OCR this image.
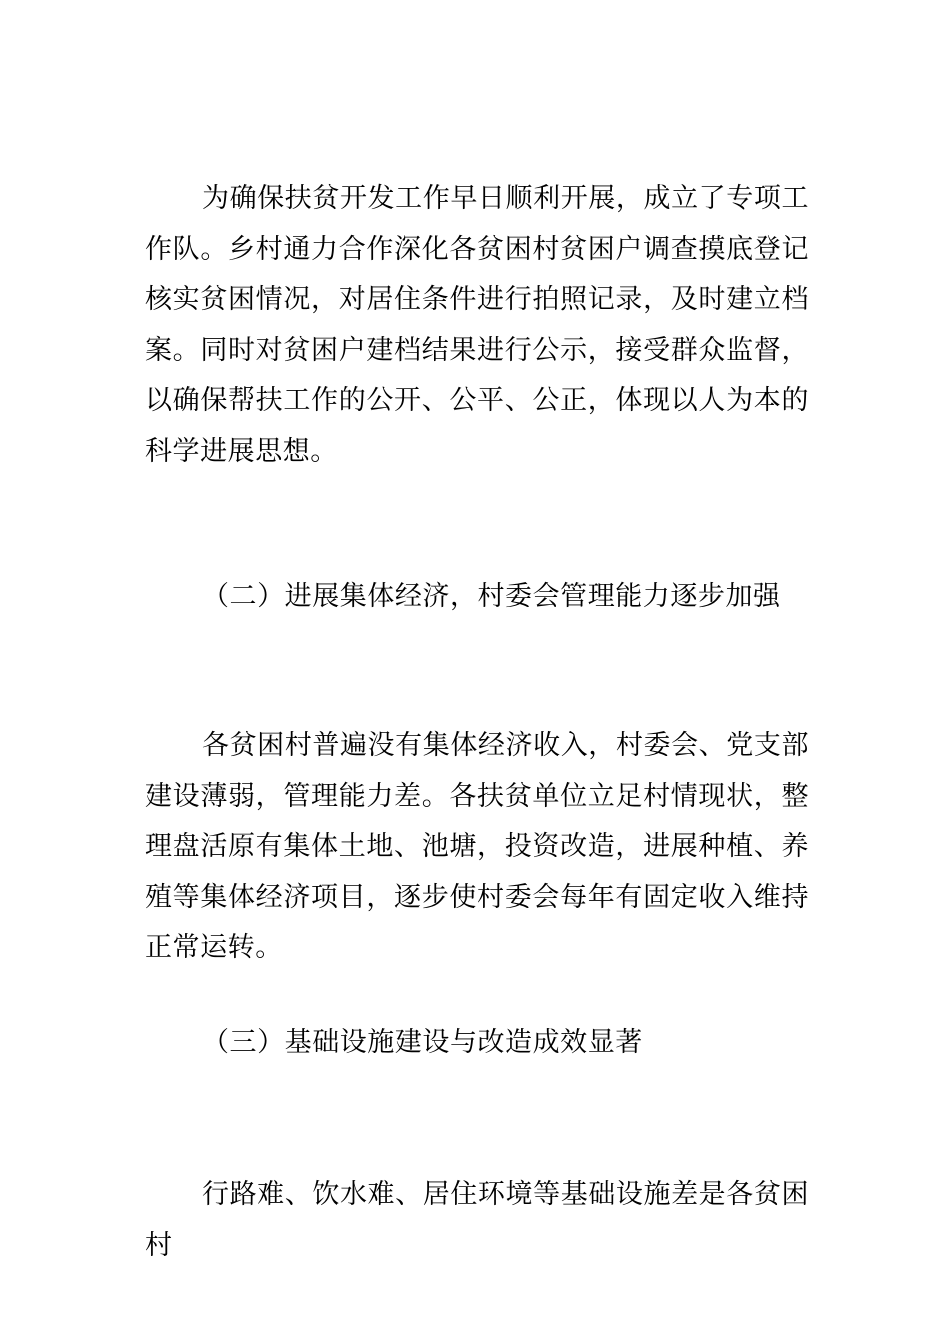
为确保扶贫开发工作早日顺利开展，成立了专项工作队。乡村通力合作深化各贫困村贫困户调查摸底登记核实贫困情况，对居住条件进行拍照记录，及时建立档案。同时对贫困户建档结果进行公示，接受群众监督，以确保帮扶工作的公开、公平、公正，体现以人为本的科学进展思想。

（二）进展集体经济，村委会管理能力逐步加强

各贫困村普遍没有集体经济收入，村委会、党支部建设薄弱，管理能力差。各扶贫单位立足村情现状，整理盘活原有集体土地、池塘，投资改造，进展种植、养殖等集体经济项目，逐步使村委会每年有固定收入维持正常运转。

（三）基础设施建设与改造成效显著

行路难、饮水难、居住环境等基础设施差是各贫困村
